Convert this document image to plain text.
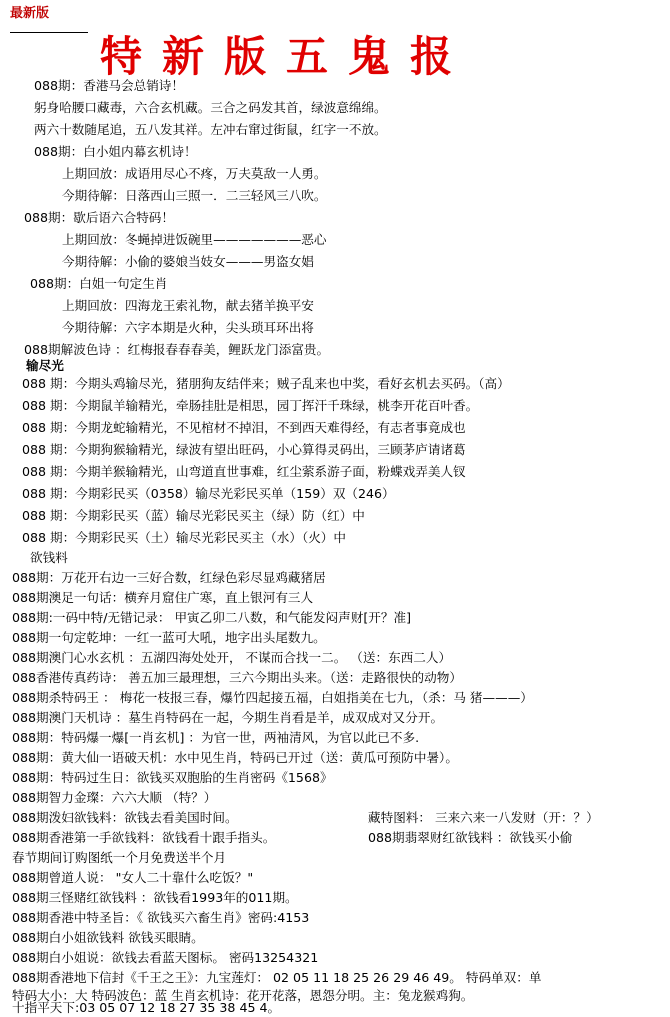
最新版
特新版五鬼报
088期：香港马会总销诗！
躬身哈腰口藏毒，六合玄机藏。三合之码发其首，绿波意绵绵。
两六十数随尾追，五八发其祥。左冲右窜过街鼠，红字一不放。
088期：白小姐内幕玄机诗！
上期回放：成语用尽心不疼，万夫莫敌一人勇。
今期待解：日落西山三照一．二三轻风三八吹。
088期：歇后语六合特码！
上期回放：冬蝇掉进饭碗里———————恶心
今期待解：小偷的婆娘当妓女———男盗女娼
088期：白姐一句定生肖
上期回放：四海龙王索礼物，献去猪羊换平安
今期待解：六字本期是火种，尖头琐耳环出将
088期解波色诗 ：红梅报春春春美，鲤跃龙门添富贵。
输尽光
088 期：今期头鸡输尽光，猪朋狗友结伴来；贼子乱来也中奖，看好玄机去买码。（高）
088 期：今期鼠羊输精光，牵肠挂肚是相思，园丁挥汗千珠绿，桃李开花百叶香。
088 期：今期龙蛇输精光，不见棺材不掉泪，不到西天难得经，有志者事竟成也
088 期：今期狗猴输精光，绿波有望出旺码，小心算得灵码出，三顾茅庐请诸葛
088 期：今期羊猴输精光，山弯道直世事难，红尘萦系游子面，粉蝶戏弄美人钗
088 期：今期彩民买（0358）输尽光彩民买单（159）双（246）
088 期：今期彩民买（蓝）输尽光彩民买主（绿）防（红）中
088 期：今期彩民买（土）输尽光彩民买主（水）（火）中
欲钱料
088期：万花开右边一三好合数，红绿色彩尽显鸡藏猪居
088期澳足一句话：横弃月窟住广寒，直上银河有三人
088期:一码中特/无错记录： 甲寅乙卯二八数，和气能发闷声财[开？准]
088期一句定乾坤：一红一蓝可大吼，地字出头尾数九。
088期澳门心水玄机 ：五湖四海处处开， 不谋而合找一二。 （送：东西二人）
088香港传真药诗： 善五加三最理想，三六今期出头来。（送：走路很快的动物）
088期杀特码王 ： 梅花一枝报三春，爆竹四起接五福，白姐指美在七九，（杀：马 猪———）
088期澳门天机诗 ：墓生肖特码在一起，今期生肖看是羊，成双成对又分开。
088期：特码爆一爆[一肖玄机] ：为官一世，两袖清风，为官以此已不多.
088期：黄大仙一语破天机：水中见生肖，特码已开过（送：黄瓜可预防中暑）。
088期：特码过生日：欲钱买双胞胎的生肖密码《1568》
088期智力金璨：六六大顺 （特？）
088期泼妇欲钱料：欲钱去看美国时间。	藏特图料： 三来六来一八发财（开：？）
088期香港第一手欲钱料：欲钱看十跟手指头。	088期翡翠财红欲钱料 ：欲钱买小偷
春节期间订购图纸一个月免费送半个月
088期曾道人说： "女人二十靠什么吃饭？"
088期三怪赌红欲钱料 ：欲钱看1993年的011期。
088期香港中特圣旨：《 欲钱买六畜生肖》密码:4153
088期白小姐欲钱料 欲钱买眼睛。
088期白小姐说：欲钱去看蓝天图标。 密码13254321
088期香港地下信封《千王之王》：九宝莲灯： 02 05 11 18 25 26 29 46 49。 特码单双：单
特码大小：大 特码波色：蓝 生肖玄机诗：花开花落，恩怨分明。主：兔龙猴鸡狗。
十指平天下:03 05 07 12 18 27 35 38 45 4。
